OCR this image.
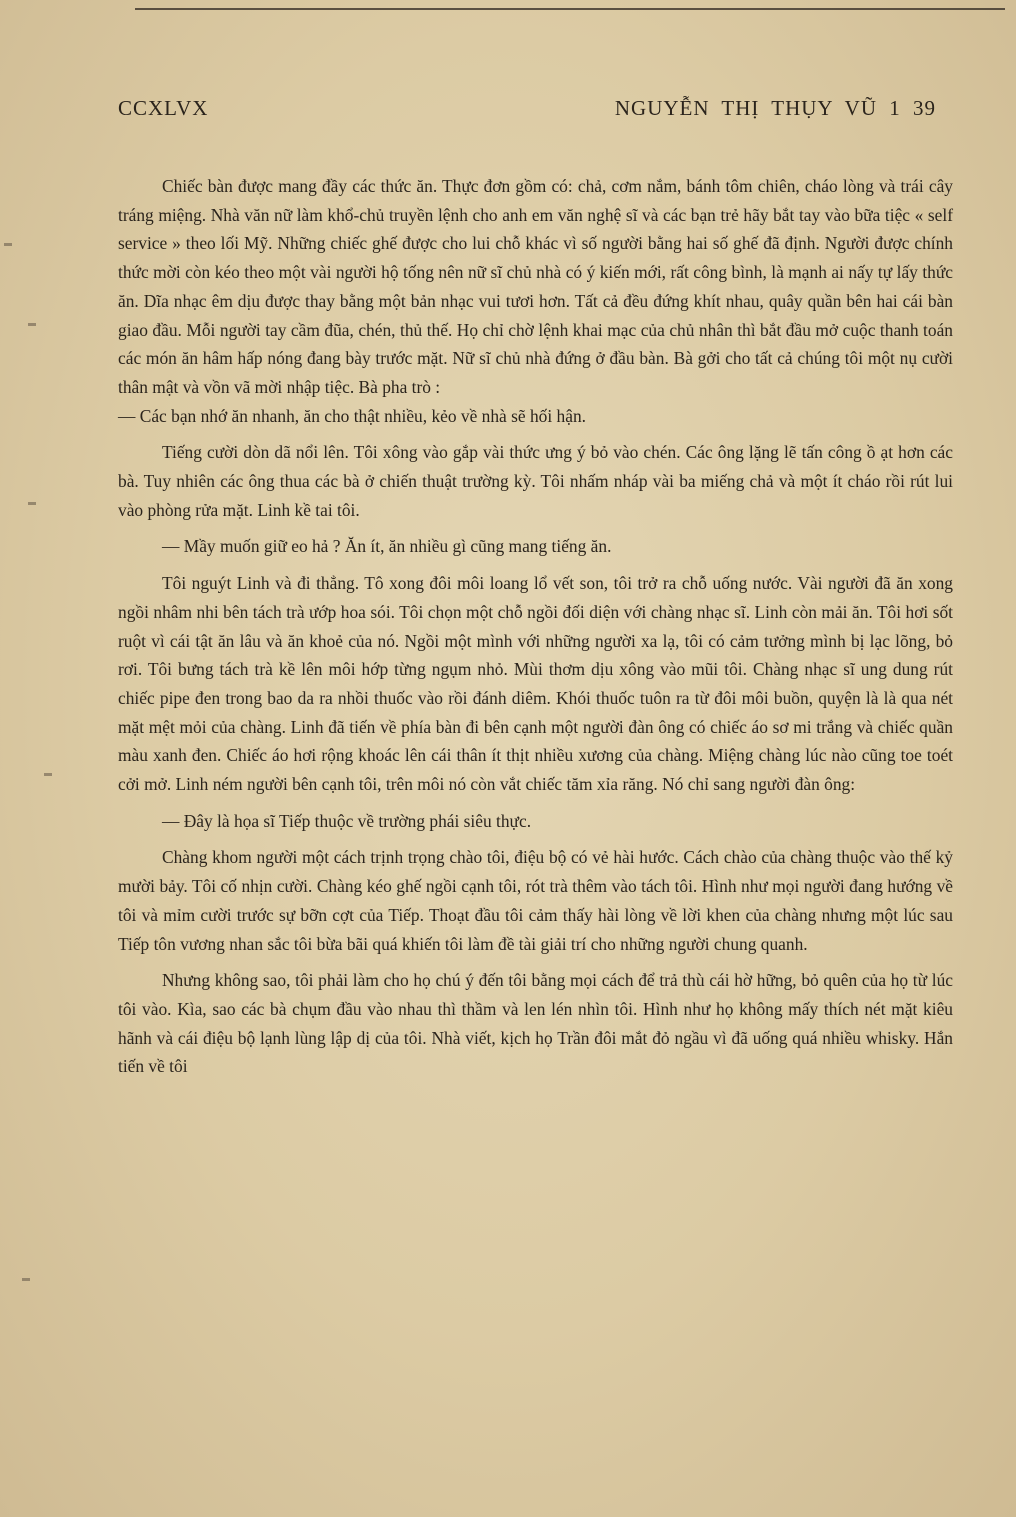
CCXLVX	NGUYỄN THỊ THỤY VŨ 1 39

Chiếc bàn được mang đầy các thức ăn. Thực đơn gồm có: chả, cơm nắm, bánh tôm chiên, cháo lòng và trái cây tráng miệng. Nhà văn nữ làm khổ-chủ truyền lệnh cho anh em văn nghệ sĩ và các bạn trẻ hãy bắt tay vào bữa tiệc « self service » theo lối Mỹ. Những chiếc ghế được cho lui chỗ khác vì số người bằng hai số ghế đã định. Người được chính thức mời còn kéo theo một vài người hộ tống nên nữ sĩ chủ nhà có ý kiến mới, rất công bình, là mạnh ai nấy tự lấy thức ăn. Dĩa nhạc êm dịu được thay bằng một bản nhạc vui tươi hơn. Tất cả đều đứng khít nhau, quây quần bên hai cái bàn giao đầu. Mỗi người tay cầm đũa, chén, thủ thế. Họ chỉ chờ lệnh khai mạc của chủ nhân thì bắt đầu mở cuộc thanh toán các món ăn hâm hấp nóng đang bày trước mặt. Nữ sĩ chủ nhà đứng ở đầu bàn. Bà gởi cho tất cả chúng tôi một nụ cười thân mật và vồn vã mời nhập tiệc. Bà pha trò :

— Các bạn nhớ ăn nhanh, ăn cho thật nhiều, kẻo về nhà sẽ hối hận.

Tiếng cười dòn dã nổi lên. Tôi xông vào gắp vài thức ưng ý bỏ vào chén. Các ông lặng lẽ tấn công ồ ạt hơn các bà. Tuy nhiên các ông thua các bà ở chiến thuật trường kỳ. Tôi nhấm nháp vài ba miếng chả và một ít cháo rồi rút lui vào phòng rửa mặt. Linh kề tai tôi.

— Mầy muốn giữ eo hả ? Ăn ít, ăn nhiều gì cũng mang tiếng ăn.

Tôi nguýt Linh và đi thẳng. Tô xong đôi môi loang lổ vết son, tôi trở ra chỗ uống nước. Vài người đã ăn xong ngồi nhâm nhi bên tách trà ướp hoa sói. Tôi chọn một chỗ ngồi đối diện với chàng nhạc sĩ. Linh còn mải ăn. Tôi hơi sốt ruột vì cái tật ăn lâu và ăn khoẻ của nó. Ngồi một mình với những người xa lạ, tôi có cảm tưởng mình bị lạc lõng, bỏ rơi. Tôi bưng tách trà kề lên môi hớp từng ngụm nhỏ. Mùi thơm dịu xông vào mũi tôi. Chàng nhạc sĩ ung dung rút chiếc pipe đen trong bao da ra nhồi thuốc vào rồi đánh diêm. Khói thuốc tuôn ra từ đôi môi buồn, quyện là là qua nét mặt mệt mỏi của chàng. Linh đã tiến về phía bàn đi bên cạnh một người đàn ông có chiếc áo sơ mi trắng và chiếc quần màu xanh đen. Chiếc áo hơi rộng khoác lên cái thân ít thịt nhiều xương của chàng. Miệng chàng lúc nào cũng toe toét cởi mở. Linh ném người bên cạnh tôi, trên môi nó còn vắt chiếc tăm xỉa răng. Nó chỉ sang người đàn ông:

— Đây là họa sĩ Tiếp thuộc về trường phái siêu thực.

Chàng khom người một cách trịnh trọng chào tôi, điệu bộ có vẻ hài hước. Cách chào của chàng thuộc vào thế kỷ mười bảy. Tôi cố nhịn cười. Chàng kéo ghế ngồi cạnh tôi, rót trà thêm vào tách tôi. Hình như mọi người đang hướng về tôi và mỉm cười trước sự bỡn cợt của Tiếp. Thoạt đầu tôi cảm thấy hài lòng về lời khen của chàng nhưng một lúc sau Tiếp tôn vương nhan sắc tôi bừa bãi quá khiến tôi làm đề tài giải trí cho những người chung quanh.

Nhưng không sao, tôi phải làm cho họ chú ý đến tôi bằng mọi cách để trả thù cái hờ hững, bỏ quên của họ từ lúc tôi vào. Kìa, sao các bà chụm đầu vào nhau thì thầm và len lén nhìn tôi. Hình như họ không mấy thích nét mặt kiêu hãnh và cái điệu bộ lạnh lùng lập dị của tôi. Nhà viết, kịch họ Trần đôi mắt đỏ ngầu vì đã uống quá nhiều whisky. Hắn tiến về tôi
